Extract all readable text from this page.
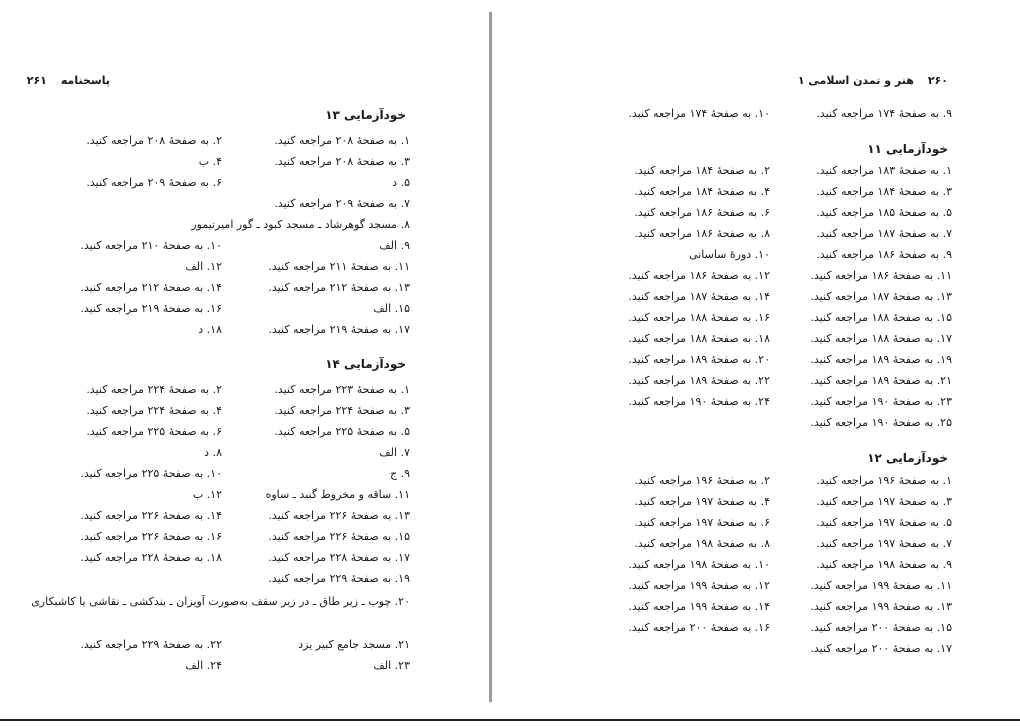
پاسخنامه۲۶۱
خودآزمایی ۱۳
۱. به صفحهٔ ۲۰۸ مراجعه کنید.
۲. به صفحهٔ ۲۰۸ مراجعه کنید.
۳. به صفحهٔ ۲۰۸ مراجعه کنید.
۴. ب
۵. د
۶. به صفحهٔ ۲۰۹ مراجعه کنید.
۷. به صفحهٔ ۲۰۹ مراجعه کنید.
۸. مسجد گوهرشاد ـ مسجد کبود ـ گور امیرتیمور
۹. الف
۱۰. به صفحهٔ ۲۱۰ مراجعه کنید.
۱۱. به صفحهٔ ۲۱۱ مراجعه کنید.
۱۲. الف
۱۳. به صفحهٔ ۲۱۲ مراجعه کنید.
۱۴. به صفحهٔ ۲۱۲ مراجعه کنید.
۱۵. الف
۱۶. به صفحهٔ ۲۱۹ مراجعه کنید.
۱۷. به صفحهٔ ۲۱۹ مراجعه کنید.
۱۸. د
خودآزمایی ۱۴
۱. به صفحهٔ ۲۲۳ مراجعه کنید.
۲. به صفحهٔ ۲۲۴ مراجعه کنید.
۳. به صفحهٔ ۲۲۴ مراجعه کنید.
۴. به صفحهٔ ۲۲۴ مراجعه کنید.
۵. به صفحهٔ ۲۲۵ مراجعه کنید.
۶. به صفحهٔ ۲۲۵ مراجعه کنید.
۷. الف
۸. د
۹. ج
۱۰. به صفحهٔ ۲۲۵ مراجعه کنید.
۱۱. ساقه و مخروط گنبد ـ ساوه
۱۲. ب
۱۳. به صفحهٔ ۲۲۶ مراجعه کنید.
۱۴. به صفحهٔ ۲۲۶ مراجعه کنید.
۱۵. به صفحهٔ ۲۲۶ مراجعه کنید.
۱۶. به صفحهٔ ۲۲۶ مراجعه کنید.
۱۷. به صفحهٔ ۲۲۸ مراجعه کنید.
۱۸. به صفحهٔ ۲۲۸ مراجعه کنید.
۱۹. به صفحهٔ ۲۲۹ مراجعه کنید.
۲۰. چوب ـ زیر طاق ـ در زیر سقف به‌صورت آویزان ـ بندکشی ـ نقاشی یا کاشیکاری
۲۱. مسجد جامع کبیر یزد
۲۲. به صفحهٔ ۲۲۹ مراجعه کنید.
۲۳. الف
۲۴. الف
۲۶۰هنر و تمدن اسلامی ۱
۹. به صفحهٔ ۱۷۴ مراجعه کنید.
۱۰. به صفحهٔ ۱۷۴ مراجعه کنید.
خودآزمایی ۱۱
۱. به صفحهٔ ۱۸۳ مراجعه کنید.
۲. به صفحهٔ ۱۸۴ مراجعه کنید.
۳. به صفحهٔ ۱۸۴ مراجعه کنید.
۴. به صفحهٔ ۱۸۴ مراجعه کنید.
۵. به صفحهٔ ۱۸۵ مراجعه کنید.
۶. به صفحهٔ ۱۸۶ مراجعه کنید.
۷. به صفحهٔ ۱۸۷ مراجعه کنید.
۸. به صفحهٔ ۱۸۶ مراجعه کنید.
۹. به صفحهٔ ۱۸۶ مراجعه کنید.
۱۰. دورهٔ ساسانی
۱۱. به صفحهٔ ۱۸۶ مراجعه کنید.
۱۲. به صفحهٔ ۱۸۶ مراجعه کنید.
۱۳. به صفحهٔ ۱۸۷ مراجعه کنید.
۱۴. به صفحهٔ ۱۸۷ مراجعه کنید.
۱۵. به صفحهٔ ۱۸۸ مراجعه کنید.
۱۶. به صفحهٔ ۱۸۸ مراجعه کنید.
۱۷. به صفحهٔ ۱۸۸ مراجعه کنید.
۱۸. به صفحهٔ ۱۸۸ مراجعه کنید.
۱۹. به صفحهٔ ۱۸۹ مراجعه کنید.
۲۰. به صفحهٔ ۱۸۹ مراجعه کنید.
۲۱. به صفحهٔ ۱۸۹ مراجعه کنید.
۲۲. به صفحهٔ ۱۸۹ مراجعه کنید.
۲۳. به صفحهٔ ۱۹۰ مراجعه کنید.
۲۴. به صفحهٔ ۱۹۰ مراجعه کنید.
۲۵. به صفحهٔ ۱۹۰ مراجعه کنید.
خودآزمایی ۱۲
۱. به صفحهٔ ۱۹۶ مراجعه کنید.
۲. به صفحهٔ ۱۹۶ مراجعه کنید.
۳. به صفحهٔ ۱۹۷ مراجعه کنید.
۴. به صفحهٔ ۱۹۷ مراجعه کنید.
۵. به صفحهٔ ۱۹۷ مراجعه کنید.
۶. به صفحهٔ ۱۹۷ مراجعه کنید.
۷. به صفحهٔ ۱۹۷ مراجعه کنید.
۸. به صفحهٔ ۱۹۸ مراجعه کنید.
۹. به صفحهٔ ۱۹۸ مراجعه کنید.
۱۰. به صفحهٔ ۱۹۸ مراجعه کنید.
۱۱. به صفحهٔ ۱۹۹ مراجعه کنید.
۱۲. به صفحهٔ ۱۹۹ مراجعه کنید.
۱۳. به صفحهٔ ۱۹۹ مراجعه کنید.
۱۴. به صفحهٔ ۱۹۹ مراجعه کنید.
۱۵. به صفحهٔ ۲۰۰ مراجعه کنید.
۱۶. به صفحهٔ ۲۰۰ مراجعه کنید.
۱۷. به صفحهٔ ۲۰۰ مراجعه کنید.
